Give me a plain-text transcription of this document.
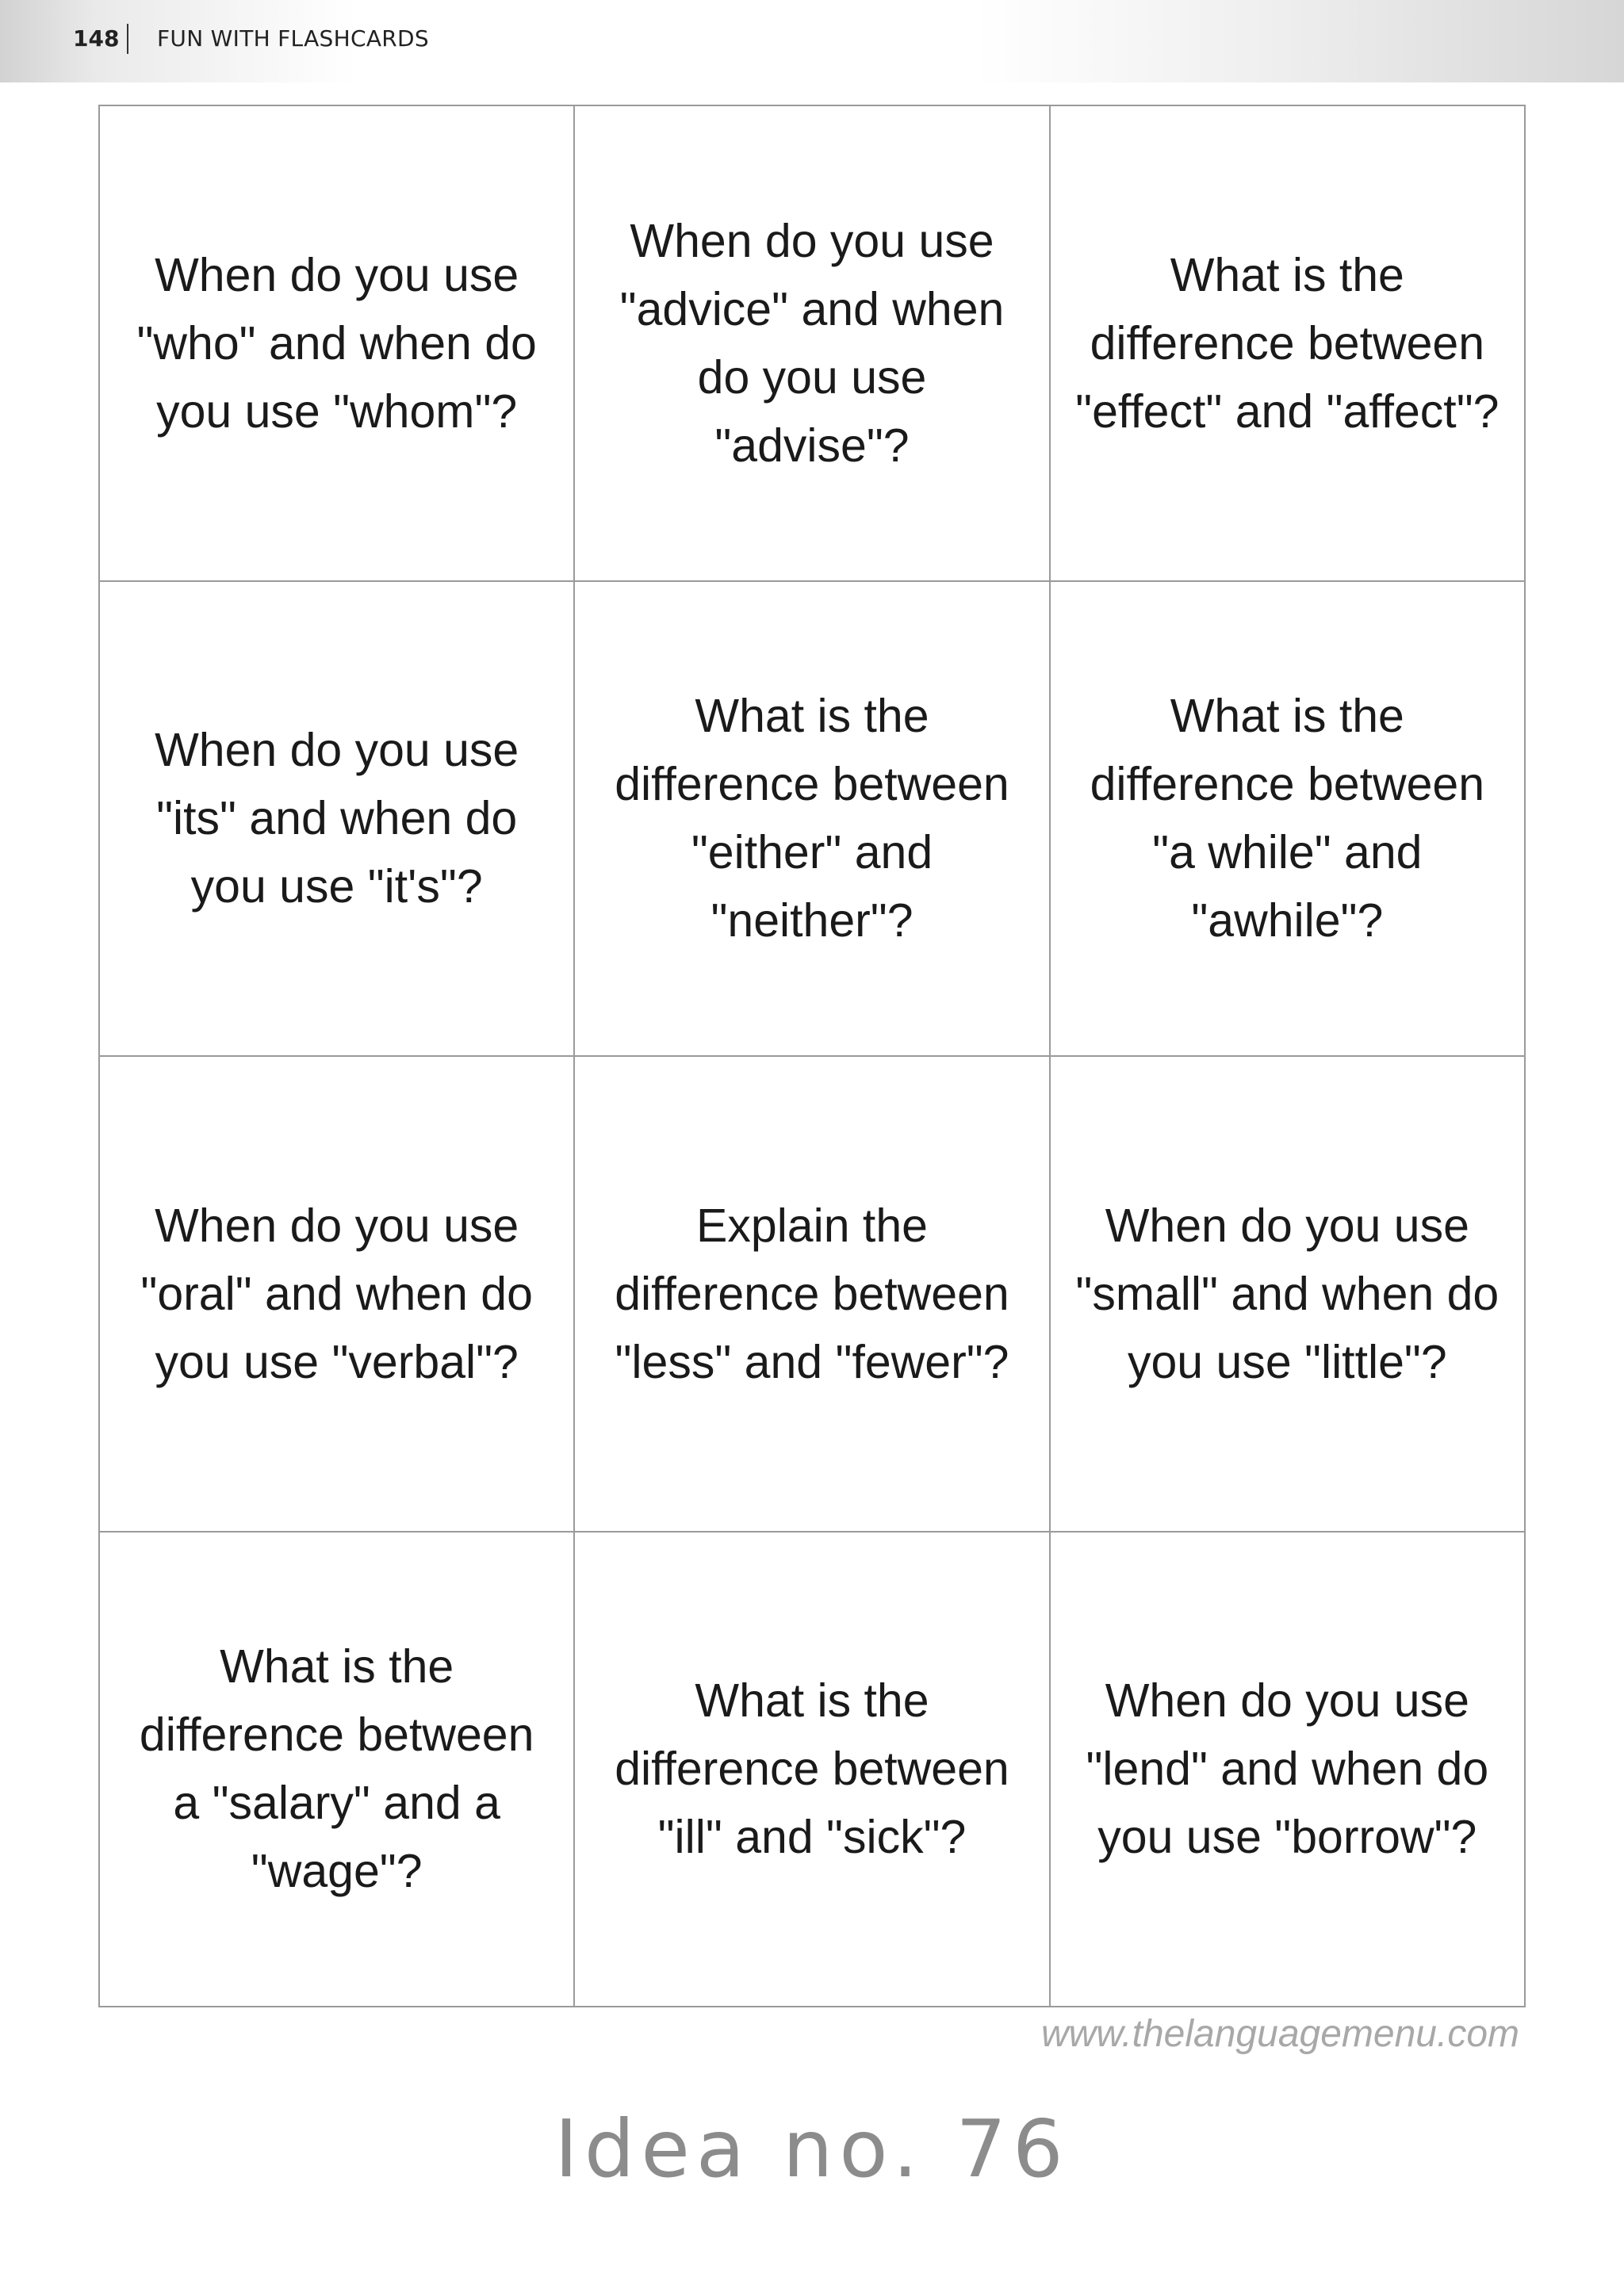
148 FUN WITH FLASHCARDS
When do you use "who" and when do you use "whom"?
When do you use "advice" and when do you use "advise"?
What is the difference between "effect" and "affect"?
When do you use "its" and when do you use "it's"?
What is the difference between "either" and "neither"?
What is the difference between "a while" and "awhile"?
When do you use "oral" and when do you use "verbal"?
Explain the difference between "less" and "fewer"?
When do you use "small" and when do you use "little"?
What is the difference between a "salary" and a "wage"?
What is the difference between "ill" and "sick"?
When do you use "lend" and when do you use "borrow"?
www.thelanguagemenu.com
Idea no. 76
